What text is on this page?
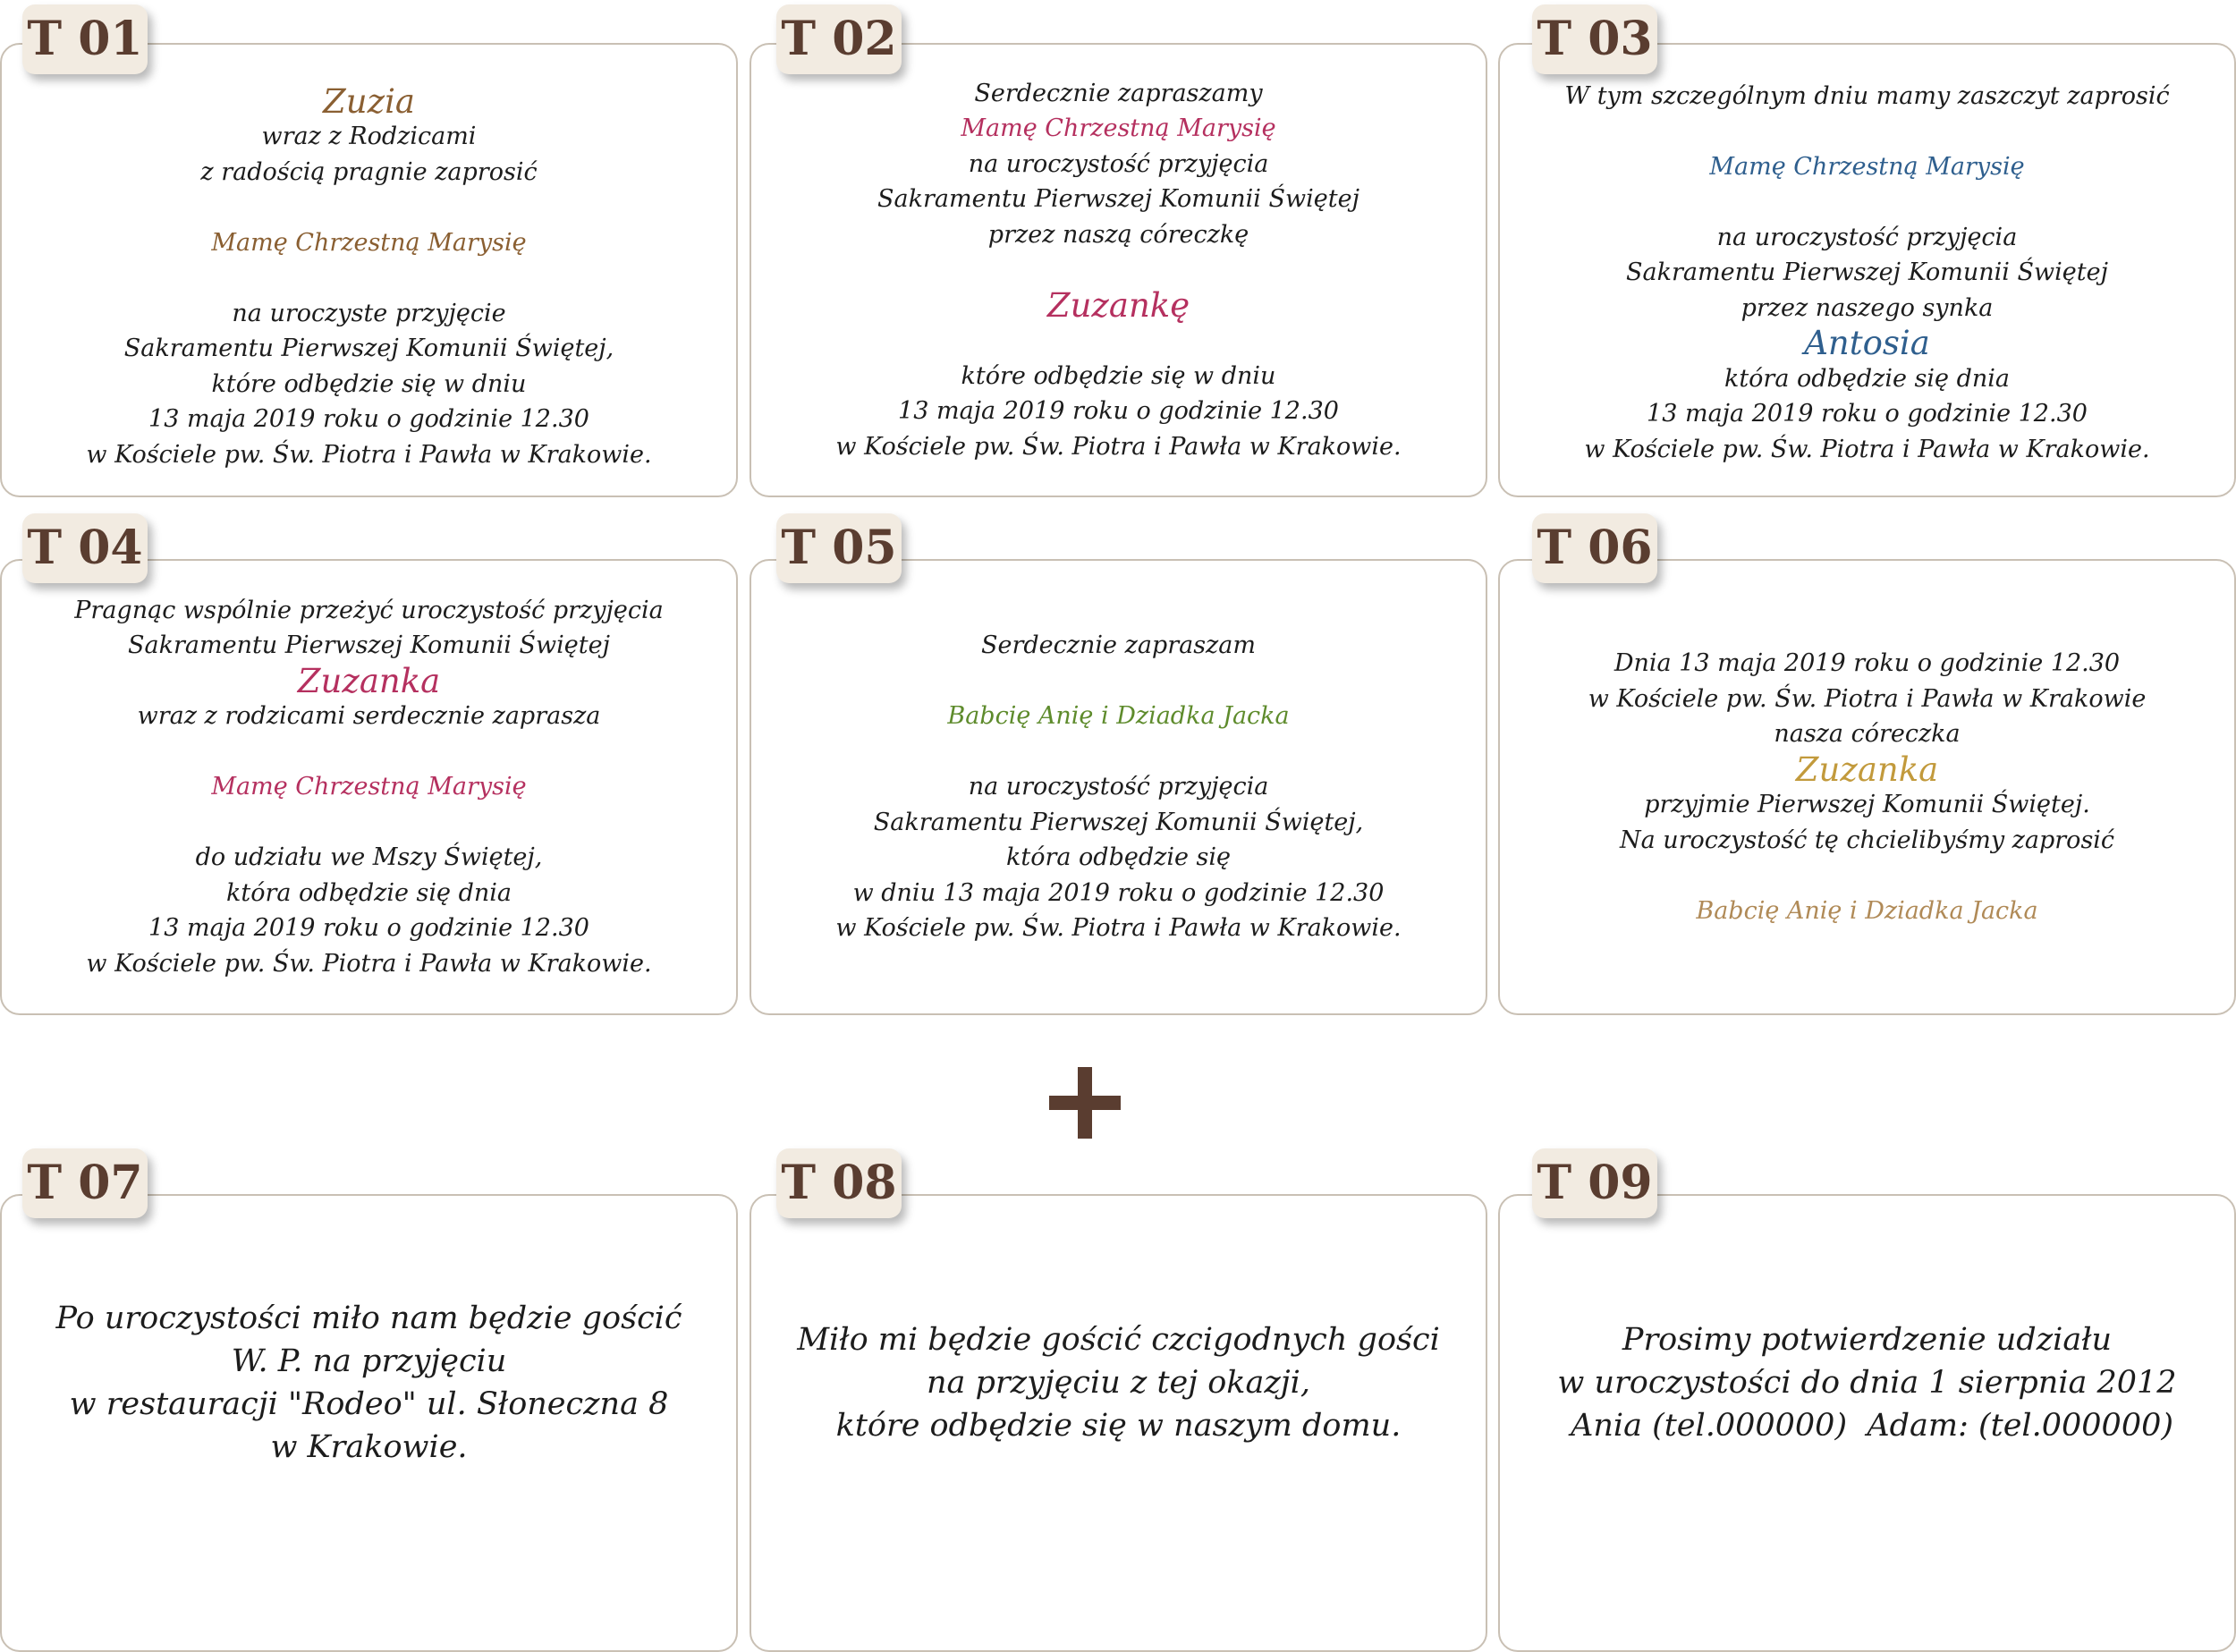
Zuzia
wraz z Rodzicami
z radością pragnie zaprosić
Mamę Chrzestną Marysię
na uroczyste przyjęcie
Sakramentu Pierwszej Komunii Świętej,
które odbędzie się w dniu
13 maja 2019 roku o godzinie 12.30
w Kościele pw. Św. Piotra i Pawła w Krakowie.
T 01
Serdecznie zapraszamy
Mamę Chrzestną Marysię
na uroczystość przyjęcia
Sakramentu Pierwszej Komunii Świętej
przez naszą córeczkę
Zuzankę
które odbędzie się w dniu
13 maja 2019 roku o godzinie 12.30
w Kościele pw. Św. Piotra i Pawła w Krakowie.
T 02
W tym szczególnym dniu mamy zaszczyt zaprosić
Mamę Chrzestną Marysię
na uroczystość przyjęcia
Sakramentu Pierwszej Komunii Świętej
przez naszego synka
Antosia
która odbędzie się dnia
13 maja 2019 roku o godzinie 12.30
w Kościele pw. Św. Piotra i Pawła w Krakowie.
T 03
Pragnąc wspólnie przeżyć uroczystość przyjęcia
Sakramentu Pierwszej Komunii Świętej
Zuzanka
wraz z rodzicami serdecznie zaprasza
Mamę Chrzestną Marysię
do udziału we Mszy Świętej,
która odbędzie się dnia
13 maja 2019 roku o godzinie 12.30
w Kościele pw. Św. Piotra i Pawła w Krakowie.
T 04
Serdecznie zapraszam
Babcię Anię i Dziadka Jacka
na uroczystość przyjęcia
Sakramentu Pierwszej Komunii Świętej,
która odbędzie się
w dniu 13 maja 2019 roku o godzinie 12.30
w Kościele pw. Św. Piotra i Pawła w Krakowie.
T 05
Dnia 13 maja 2019 roku o godzinie 12.30
w Kościele pw. Św. Piotra i Pawła w Krakowie
nasza córeczka
Zuzanka
przyjmie Pierwszej Komunii Świętej.
Na uroczystość tę chcielibyśmy zaprosić
Babcię Anię i Dziadka Jacka
T 06
Po uroczystości miło nam będzie gościć
W. P. na przyjęciu
w restauracji "Rodeo" ul. Słoneczna 8
w Krakowie.
T 07
Miło mi będzie gościć czcigodnych gości
na przyjęciu z tej okazji,
które odbędzie się w naszym domu.
T 08
Prosimy potwierdzenie udziału
w uroczystości do dnia 1 sierpnia 2012
Ania (tel.000000)  Adam: (tel.000000)
T 09
